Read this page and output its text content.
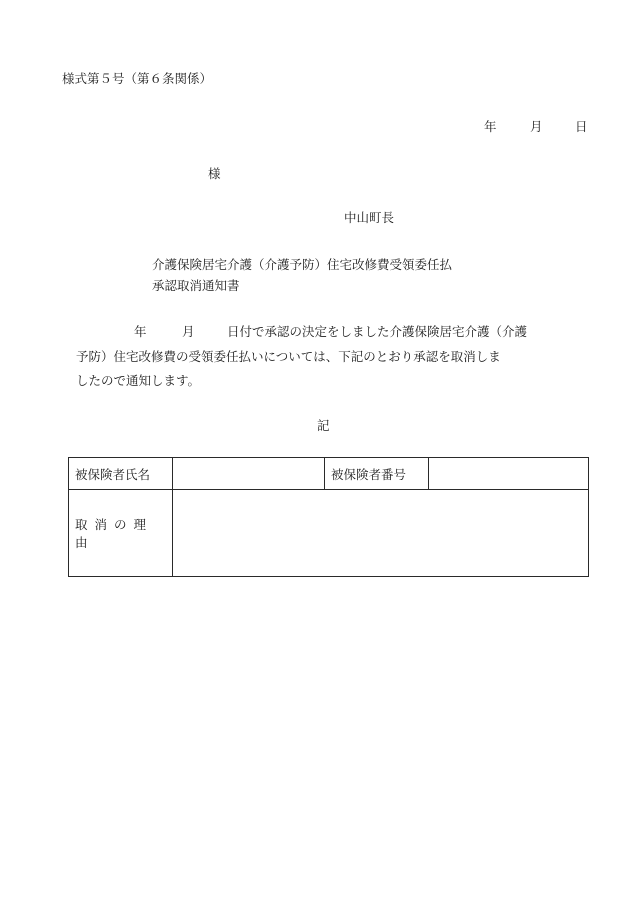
様式第５号（第６条関係）
年	月	日
様
中山町長
介護保険居宅介護（介護予防）住宅改修費受領委任払
承認取消通知書
年	月	日付で承認の決定をしました介護保険居宅介護（介護
予防）住宅改修費の受領委任払いについては、下記のとおり承認を取消しま
したので通知します。
記
被保険者氏名		被保険者番号	
取消の理由			
